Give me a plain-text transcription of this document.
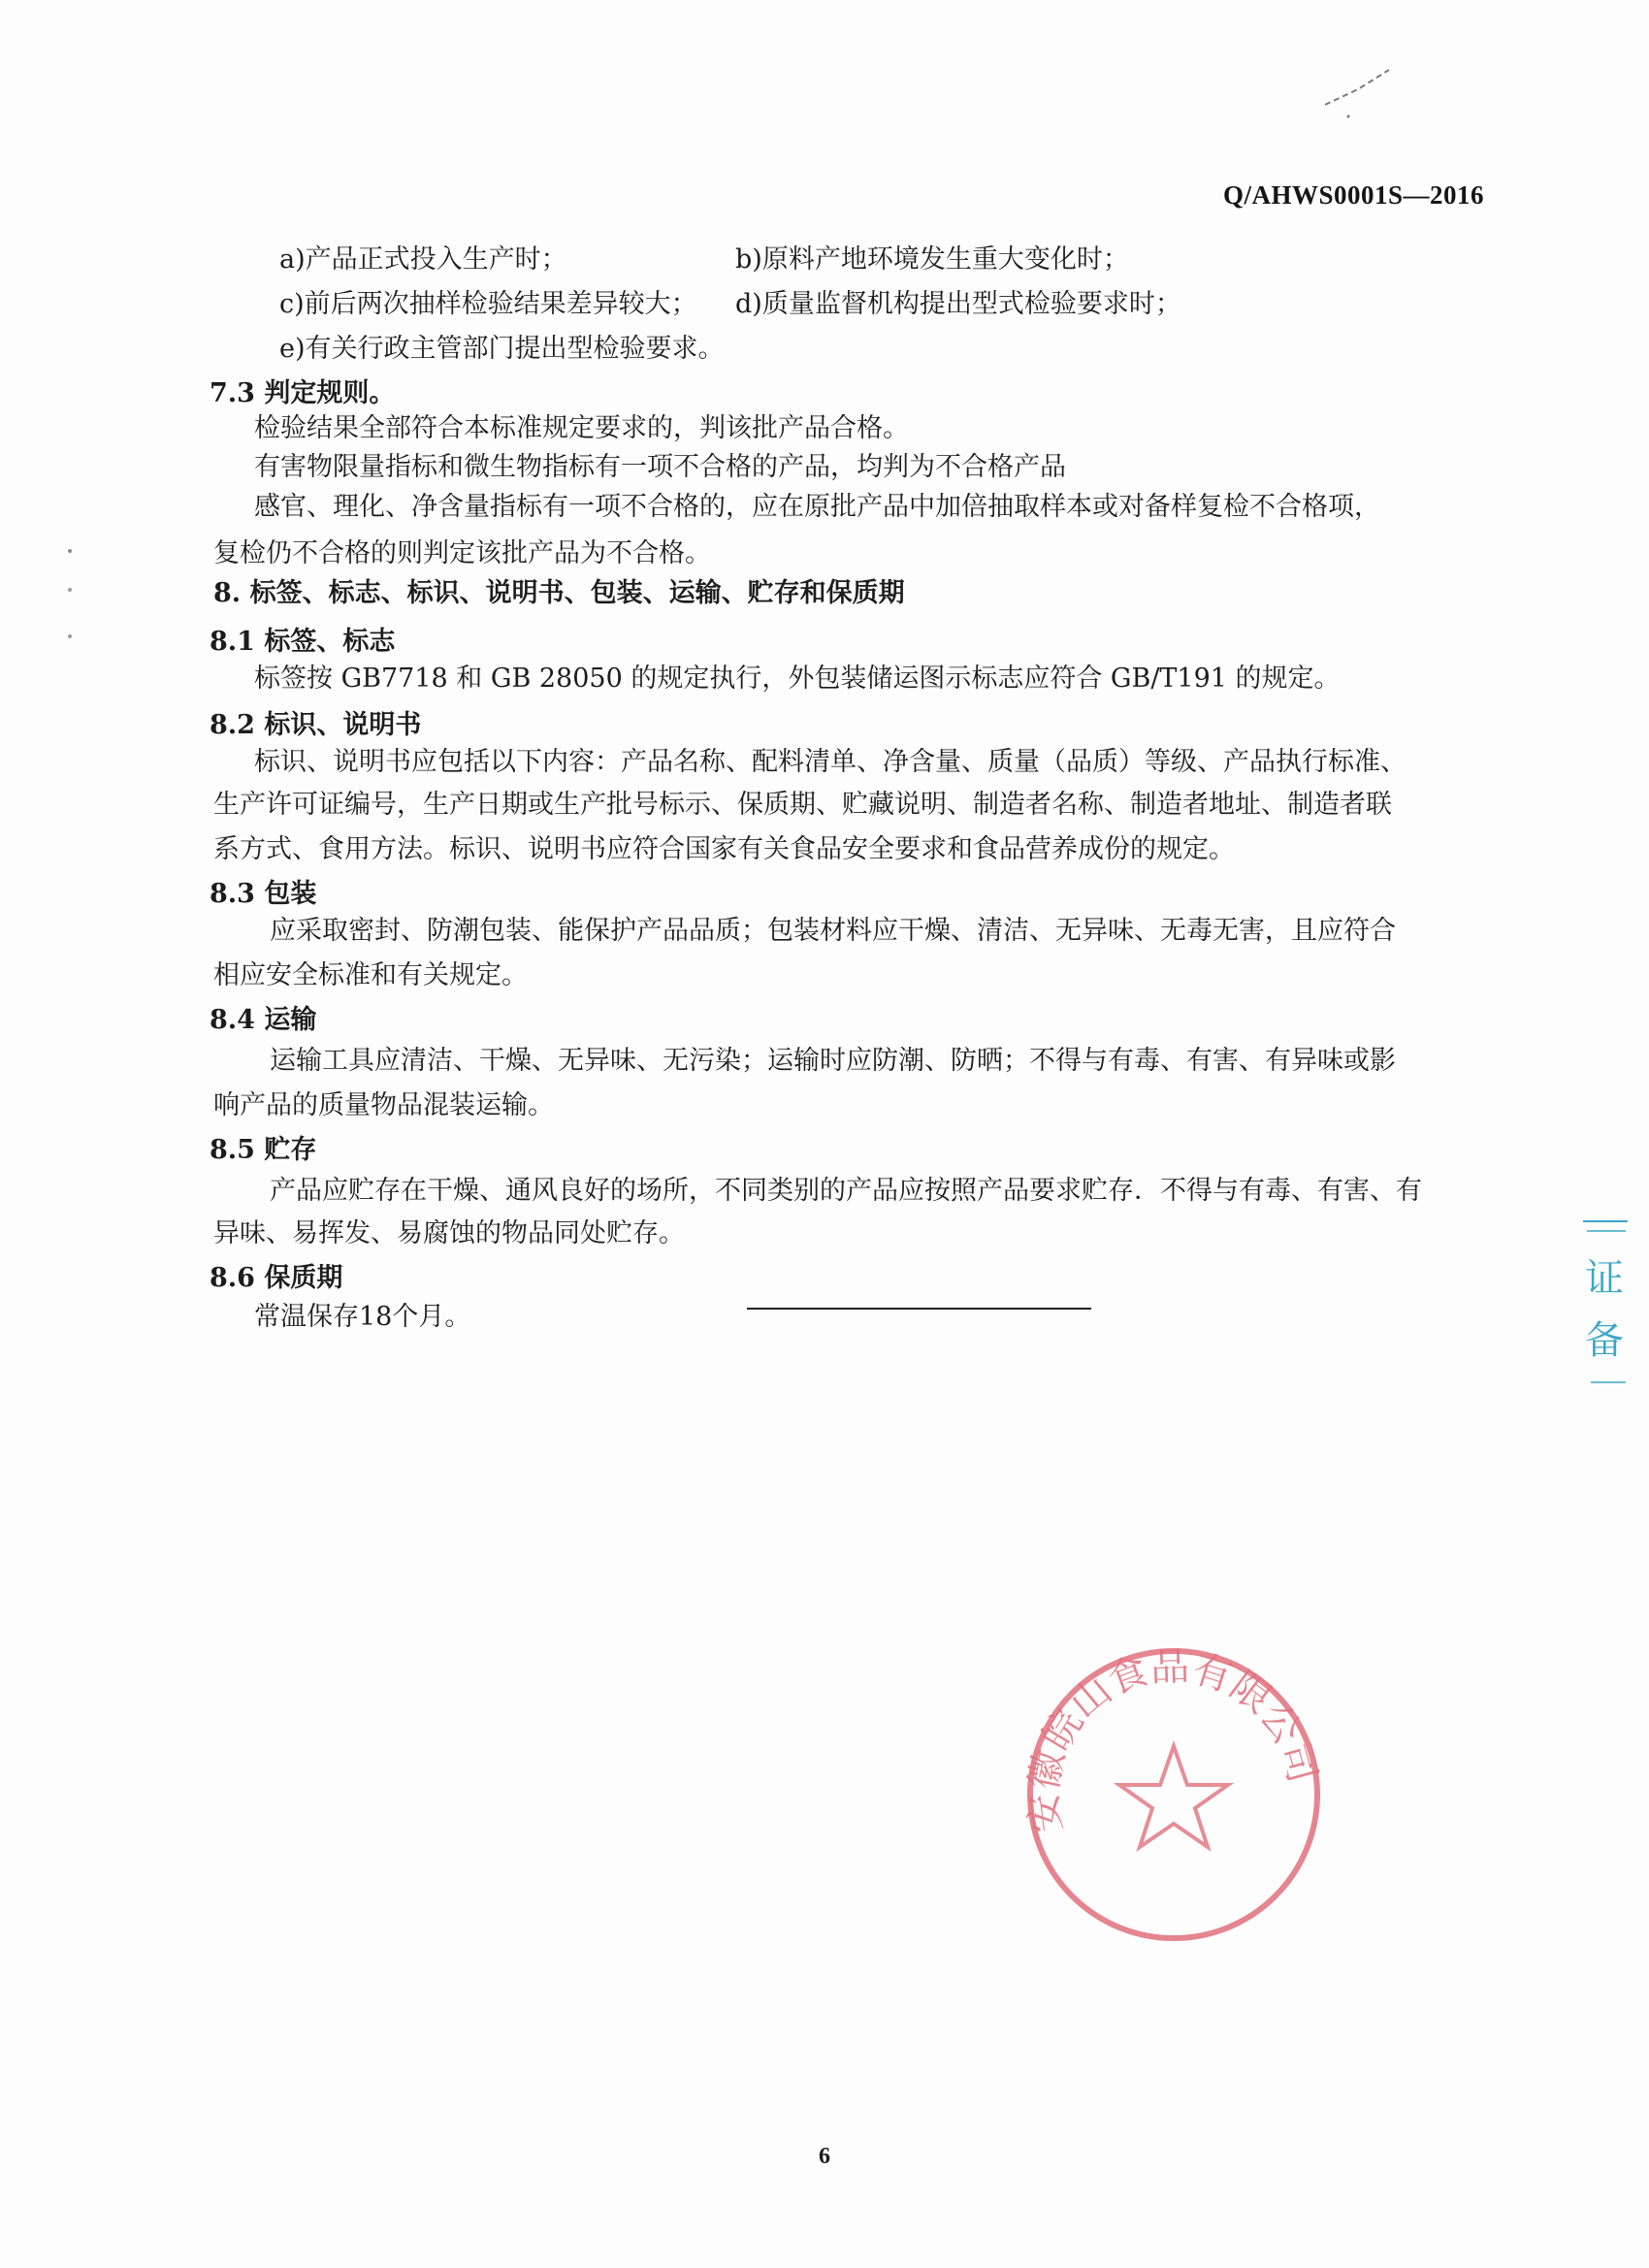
Q/AHWS0001S—2016
a)产品正式投入生产时；	b)原料产地环境发生重大变化时；
c)前后两次抽样检验结果差异较大； d)质量监督机构提出型式检验要求时；
e)有关行政主管部门提出型检验要求。
7.3 判定规则。
检验结果全部符合本标准规定要求的，判该批产品合格。
有害物限量指标和微生物指标有一项不合格的产品，均判为不合格产品
感官、理化、净含量指标有一项不合格的，应在原批产品中加倍抽取样本或对备样复检不合格项，
复检仍不合格的则判定该批产品为不合格。
8. 标签、标志、标识、说明书、包装、运输、贮存和保质期
8.1 标签、标志
标签按 GB7718 和 GB 28050 的规定执行，外包装储运图示标志应符合 GB/T191 的规定。
8.2 标识、说明书
标识、说明书应包括以下内容：产品名称、配料清单、净含量、质量（品质）等级、产品执行标准、
生产许可证编号，生产日期或生产批号标示、保质期、贮藏说明、制造者名称、制造者地址、制造者联
系方式、食用方法。标识、说明书应符合国家有关食品安全要求和食品营养成份的规定。
8.3 包装
应采取密封、防潮包装、能保护产品品质；包装材料应干燥、清洁、无异味、无毒无害，且应符合
相应安全标准和有关规定。
8.4 运输
运输工具应清洁、干燥、无异味、无污染；运输时应防潮、防晒；不得与有毒、有害、有异味或影
响产品的质量物品混装运输。
8.5 贮存
产品应贮存在干燥、通风良好的场所，不同类别的产品应按照产品要求贮存．不得与有毒、有害、有
异味、易挥发、易腐蚀的物品同处贮存。
8.6 保质期
常温保存18个月。
证
备
安徽皖山食品有限公司
6
